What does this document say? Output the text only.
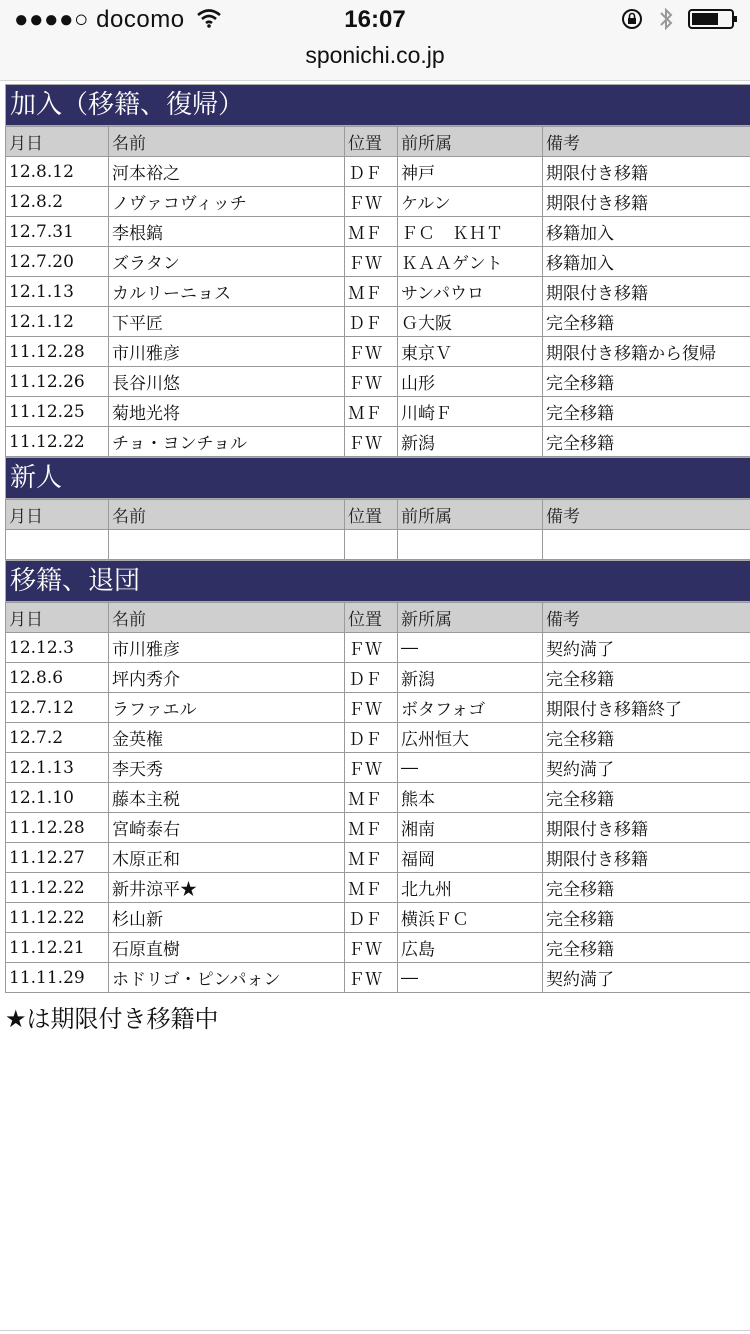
●●●●○ docomo	16:07
sponichi.co.jp
加入（移籍、復帰）
月日	名前	位置	前所属	備考
12.8.12	河本裕之	ＤＦ	神戸	期限付き移籍
12.8.2	ノヴァコヴィッチ	ＦＷ	ケルン	期限付き移籍
12.7.31	李根鎬	ＭＦ	ＦＣ　ＫＨＴ	移籍加入
12.7.20	ズラタン	ＦＷ	ＫＡＡゲント	移籍加入
12.1.13	カルリーニョス	ＭＦ	サンパウロ	期限付き移籍
12.1.12	下平匠	ＤＦ	Ｇ大阪	完全移籍
11.12.28	市川雅彦	ＦＷ	東京Ｖ	期限付き移籍から復帰
11.12.26	長谷川悠	ＦＷ	山形	完全移籍
11.12.25	菊地光将	ＭＦ	川崎Ｆ	完全移籍
11.12.22	チョ・ヨンチョル	ＦＷ	新潟	完全移籍
新人
月日	名前	位置	前所属	備考

移籍、退団
月日	名前	位置	新所属	備考
12.12.3	市川雅彦	ＦＷ	―	契約満了
12.8.6	坪内秀介	ＤＦ	新潟	完全移籍
12.7.12	ラファエル	ＦＷ	ボタフォゴ	期限付き移籍終了
12.7.2	金英権	ＤＦ	広州恒大	完全移籍
12.1.13	李天秀	ＦＷ	―	契約満了
12.1.10	藤本主税	ＭＦ	熊本	完全移籍
11.12.28	宮崎泰右	ＭＦ	湘南	期限付き移籍
11.12.27	木原正和	ＭＦ	福岡	期限付き移籍
11.12.22	新井涼平★	ＭＦ	北九州	完全移籍
11.12.22	杉山新	ＤＦ	横浜ＦＣ	完全移籍
11.12.21	石原直樹	ＦＷ	広島	完全移籍
11.11.29	ホドリゴ・ピンパォン	ＦＷ	―	契約満了
★は期限付き移籍中
